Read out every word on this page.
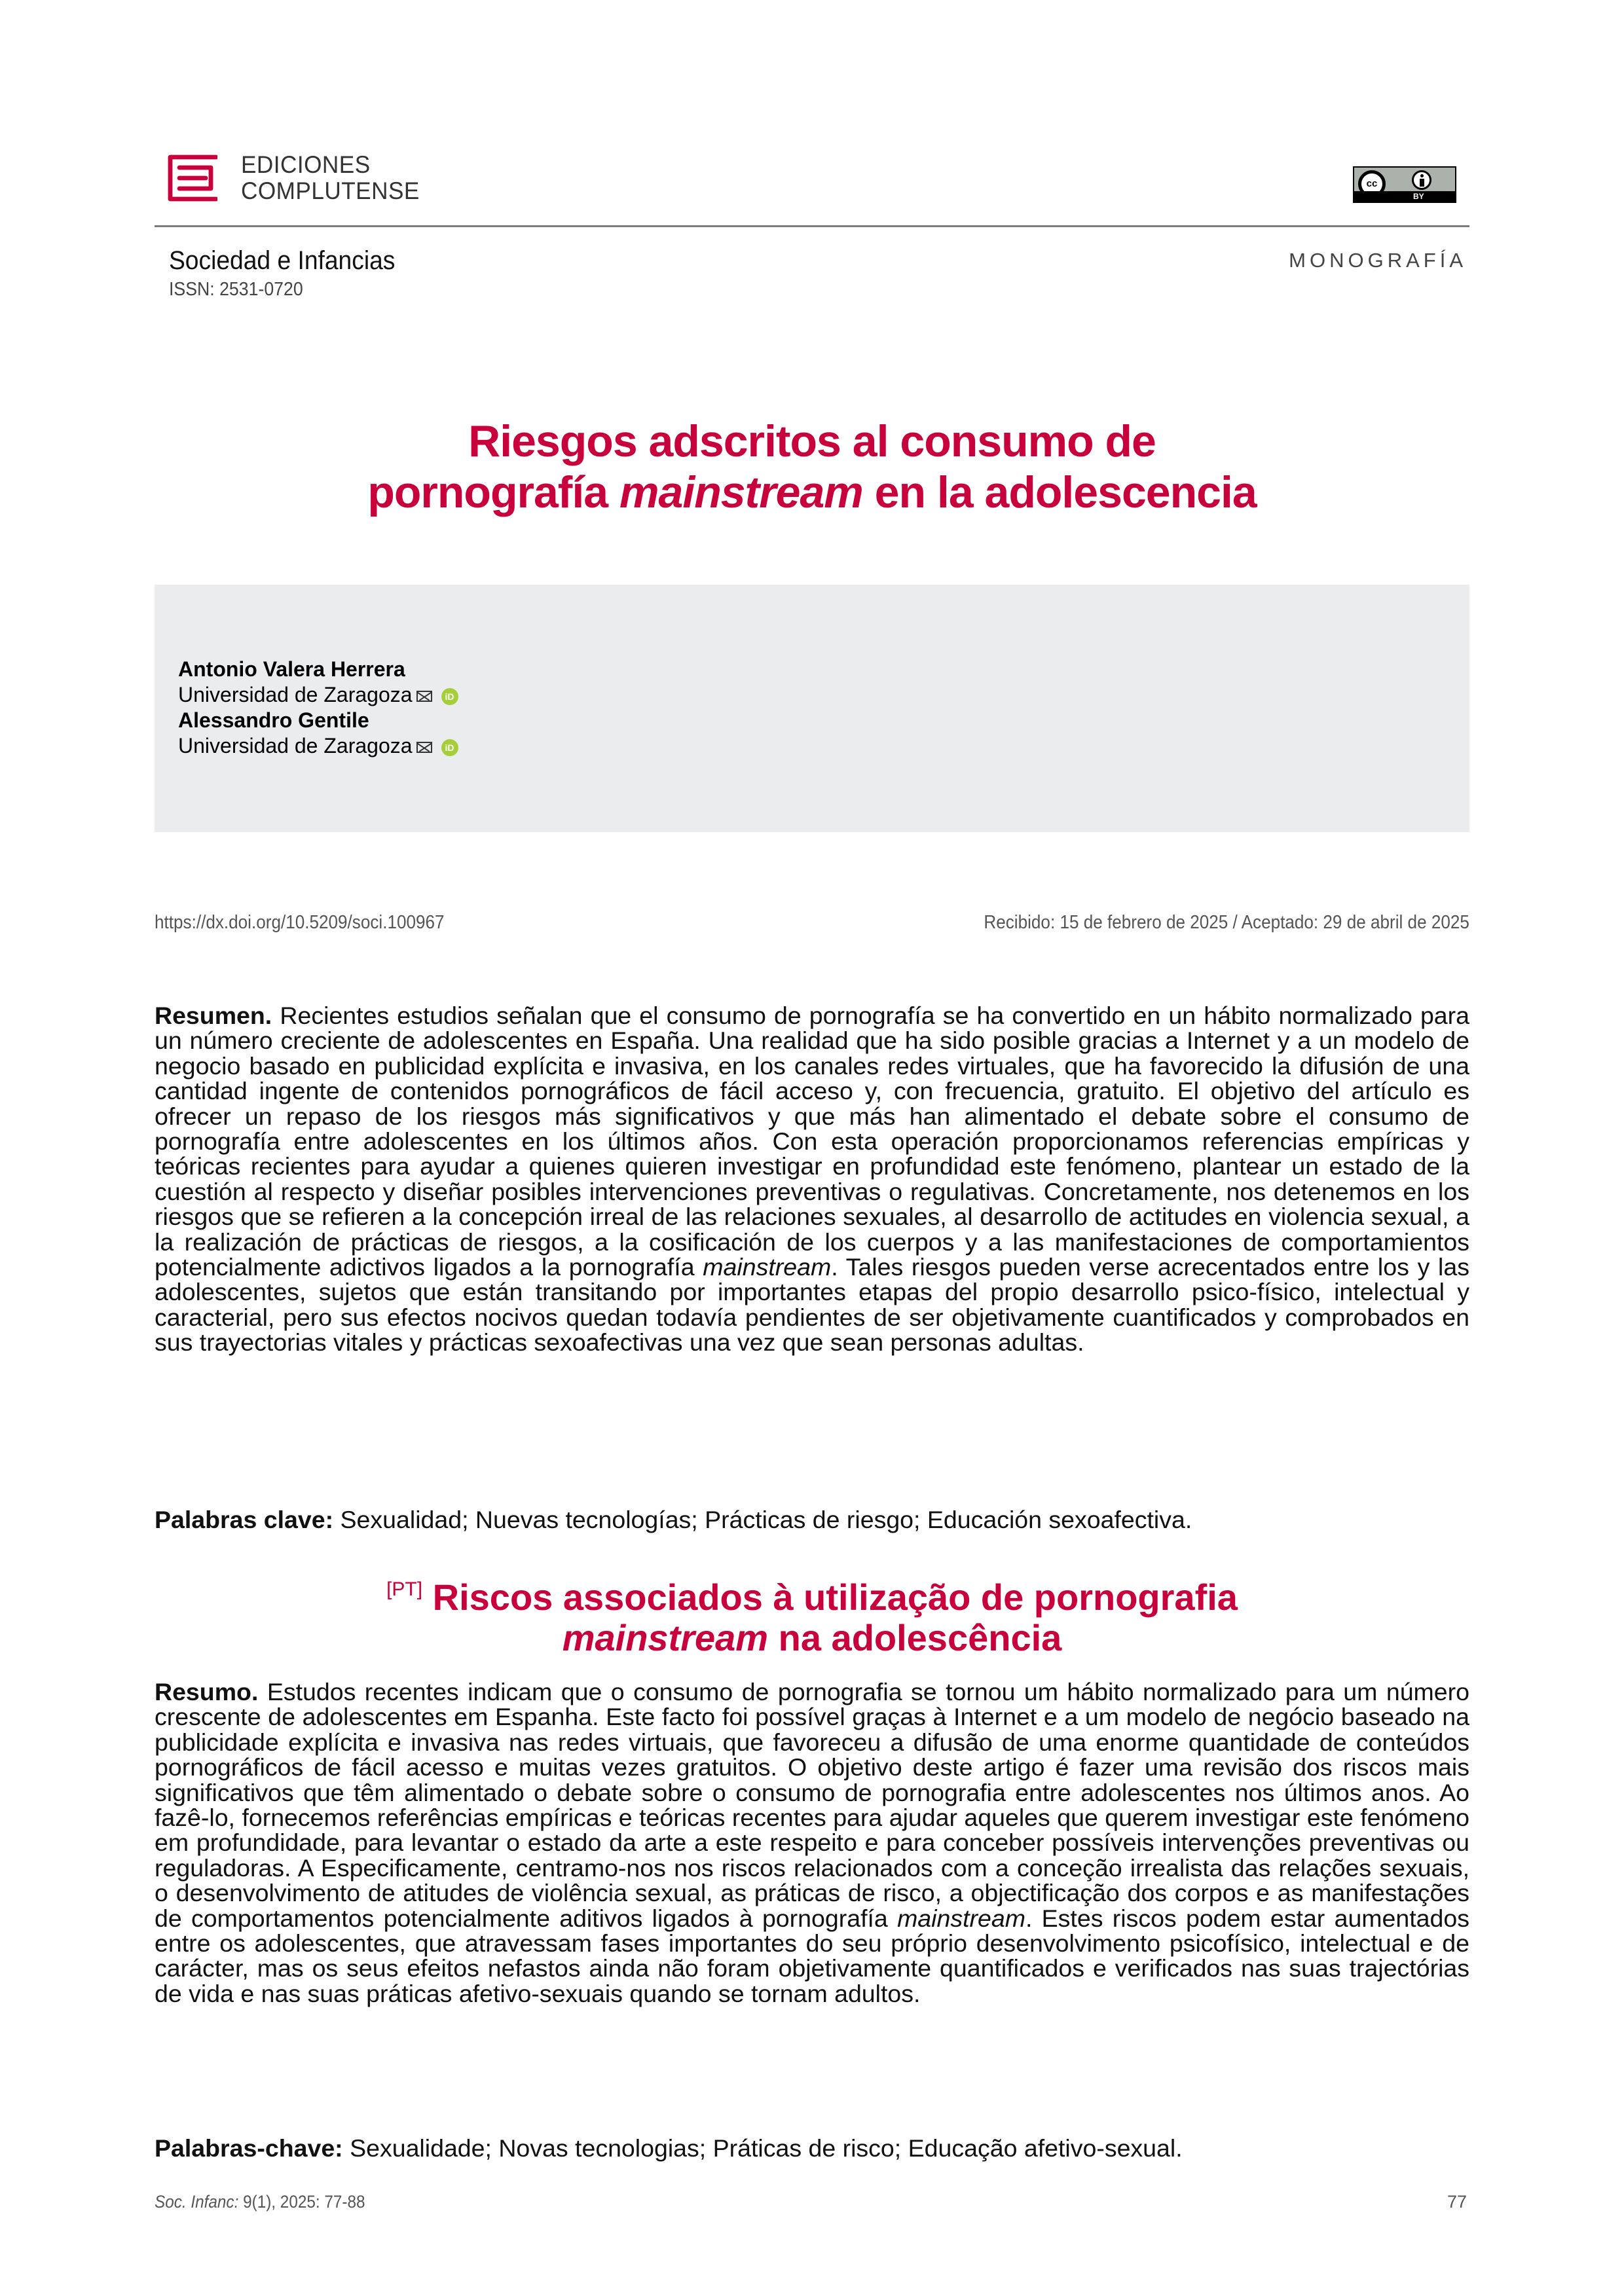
EDICIONES
COMPLUTENSE	cc
BY
Sociedad e Infancias
ISSN: 2531-0720
MONOGRAFÍA
Riesgos adscritos al consumo de
pornografía mainstream en la adolescencia
Antonio Valera Herrera
Universidad de Zaragoza	iD
Alessandro Gentile
Universidad de Zaragoza	iD
https://dx.doi.org/10.5209/soci.100967	Recibido: 15 de febrero de 2025 / Aceptado: 29 de abril de 2025
Resumen. Recientes estudios señalan que el consumo de pornografía se ha convertido en un hábito normalizado para un número creciente de adolescentes en España. Una realidad que ha sido posible gracias a Internet y a un modelo de negocio basado en publicidad explícita e invasiva, en los canales redes virtuales, que ha favorecido la difusión de una cantidad ingente de contenidos pornográficos de fácil acceso y, con frecuencia, gratuito. El objetivo del artículo es ofrecer un repaso de los riesgos más significativos y que más han alimentado el debate sobre el consumo de pornografía entre adolescentes en los últimos años. Con esta operación proporcionamos referencias empíricas y teóricas recientes para ayudar a quienes quieren investigar en profundidad este fenómeno, plantear un estado de la cuestión al respecto y diseñar posibles intervenciones preventivas o regulativas. Concretamente, nos detenemos en los riesgos que se refieren a la concepción irreal de las relaciones sexuales, al desarrollo de actitudes en violencia sexual, a la realización de prácticas de riesgos, a la cosificación de los cuerpos y a las manifestaciones de comportamientos potencialmente adictivos ligados a la pornografía mainstream. Tales riesgos pueden verse acrecentados entre los y las adolescentes, sujetos que están transitando por importantes etapas del propio desarrollo psico-físico, intelectual y caracterial, pero sus efectos nocivos quedan todavía pendientes de ser objetivamente cuantificados y comprobados en sus trayectorias vitales y prácticas sexoafectivas una vez que sean personas adultas.
Palabras clave: Sexualidad; Nuevas tecnologías; Prácticas de riesgo; Educación sexoafectiva.
[PT] Riscos associados à utilização de pornografia
mainstream na adolescência
Resumo. Estudos recentes indicam que o consumo de pornografia se tornou um hábito normalizado para um número crescente de adolescentes em Espanha. Este facto foi possível graças à Internet e a um modelo de negócio baseado na publicidade explícita e invasiva nas redes virtuais, que favoreceu a difusão de uma enorme quantidade de conteúdos pornográficos de fácil acesso e muitas vezes gratuitos. O objetivo deste artigo é fazer uma revisão dos riscos mais significativos que têm alimentado o debate sobre o consumo de pornografia entre adolescentes nos últimos anos. Ao fazê-lo, fornecemos referências empíricas e teóricas recentes para ajudar aqueles que querem investigar este fenómeno em profundidade, para levantar o estado da arte a este respeito e para conceber possíveis intervenções preventivas ou reguladoras. A Especificamente, centramo-nos nos riscos relacionados com a conceção irrealista das relações sexuais, o desenvolvimento de atitudes de violência sexual, as práticas de risco, a objectificação dos corpos e as manifestações de comportamentos potencialmente aditivos ligados à pornografía mainstream. Estes riscos podem estar aumentados entre os adolescentes, que atravessam fases importantes do seu próprio desenvolvimento psicofísico, intelectual e de carácter, mas os seus efeitos nefastos ainda não foram objetivamente quantificados e verificados nas suas trajectórias de vida e nas suas práticas afetivo-sexuais quando se tornam adultos.
Palabras-chave: Sexualidade; Novas tecnologias; Práticas de risco; Educação afetivo-sexual.
Soc. Infanc: 9(1), 2025: 77-88	77
